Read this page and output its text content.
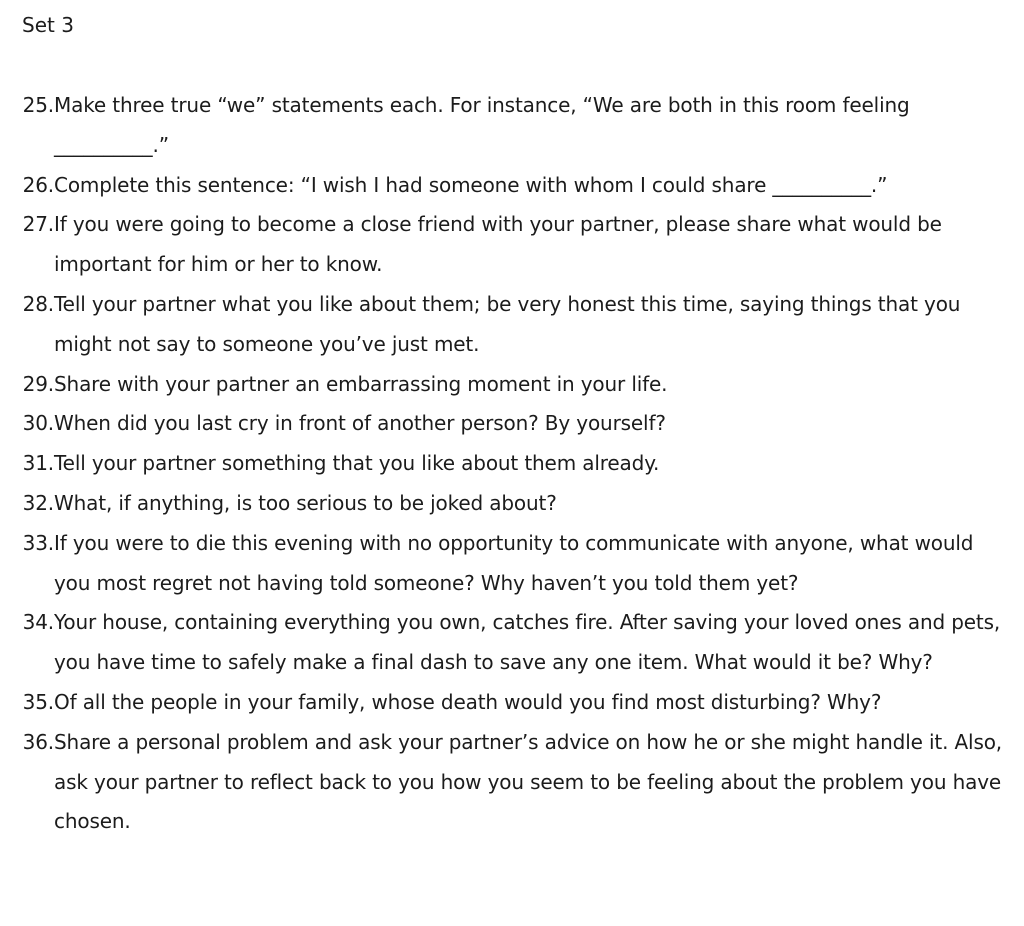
Set 3
25. Make three true “we” statements each. For instance, “We are both in this room feeling __________.”
26. Complete this sentence: “I wish I had someone with whom I could share __________.”
27. If you were going to become a close friend with your partner, please share what would be important for him or her to know.
28. Tell your partner what you like about them; be very honest this time, saying things that you might not say to someone you’ve just met.
29. Share with your partner an embarrassing moment in your life.
30. When did you last cry in front of another person? By yourself?
31. Tell your partner something that you like about them already.
32. What, if anything, is too serious to be joked about?
33. If you were to die this evening with no opportunity to communicate with anyone, what would you most regret not having told someone? Why haven’t you told them yet?
34. Your house, containing everything you own, catches fire. After saving your loved ones and pets, you have time to safely make a final dash to save any one item. What would it be? Why?
35. Of all the people in your family, whose death would you find most disturbing? Why?
36. Share a personal problem and ask your partner’s advice on how he or she might handle it. Also, ask your partner to reflect back to you how you seem to be feeling about the problem you have chosen.
